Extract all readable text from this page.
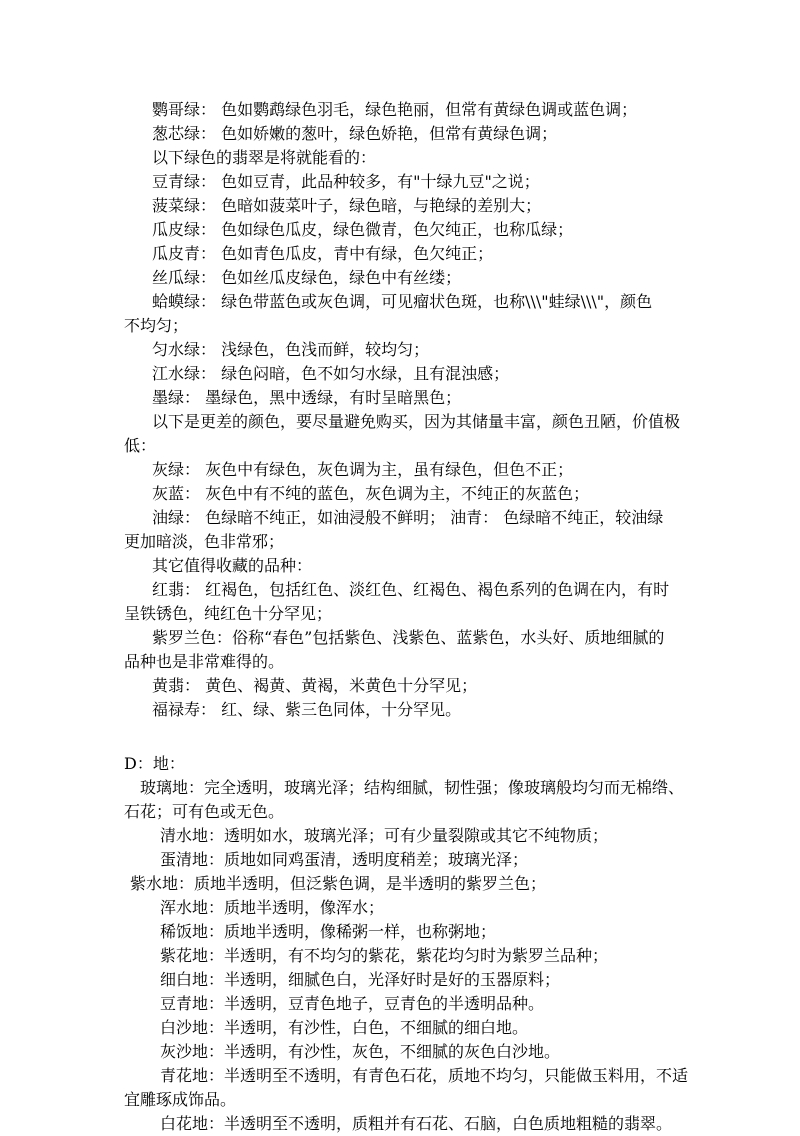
鹦哥绿： 色如鹦鹉绿色羽毛，绿色艳丽，但常有黄绿色调或蓝色调；
葱芯绿： 色如娇嫩的葱叶，绿色娇艳，但常有黄绿色调；
以下绿色的翡翠是将就能看的：
豆青绿： 色如豆青，此品种较多，有"十绿九豆"之说；
菠菜绿： 色暗如菠菜叶子，绿色暗，与艳绿的差别大；
瓜皮绿： 色如绿色瓜皮，绿色微青，色欠纯正，也称瓜绿；
瓜皮青： 色如青色瓜皮，青中有绿，色欠纯正；
丝瓜绿： 色如丝瓜皮绿色，绿色中有丝缕；
蛤蟆绿： 绿色带蓝色或灰色调，可见瘤状色斑，也称\\\"蛙绿\\\"，颜色
不均匀；
匀水绿： 浅绿色，色浅而鲜，较均匀；
江水绿： 绿色闷暗，色不如匀水绿，且有混浊感；
墨绿： 墨绿色，黑中透绿，有时呈暗黑色；
以下是更差的颜色，要尽量避免购买，因为其储量丰富，颜色丑陋，价值极
低：
灰绿： 灰色中有绿色，灰色调为主，虽有绿色，但色不正；
灰蓝： 灰色中有不纯的蓝色，灰色调为主，不纯正的灰蓝色；
油绿： 色绿暗不纯正，如油浸般不鲜明； 油青： 色绿暗不纯正，较油绿
更加暗淡，色非常邪；
其它值得收藏的品种：
红翡： 红褐色，包括红色、淡红色、红褐色、褐色系列的色调在内，有时
呈铁锈色，纯红色十分罕见；
紫罗兰色：俗称“春色”包括紫色、浅紫色、蓝紫色，水头好、质地细腻的
品种也是非常难得的。
黄翡： 黄色、褐黄、黄褐，米黄色十分罕见；
福禄寿： 红、绿、紫三色同体，十分罕见。
D：地：
玻璃地：完全透明，玻璃光泽；结构细腻，韧性强；像玻璃般均匀而无棉绺、
石花；可有色或无色。
清水地：透明如水，玻璃光泽；可有少量裂隙或其它不纯物质；
蛋清地：质地如同鸡蛋清，透明度稍差；玻璃光泽；
紫水地：质地半透明，但泛紫色调，是半透明的紫罗兰色；
浑水地：质地半透明，像浑水；
稀饭地：质地半透明，像稀粥一样，也称粥地；
紫花地：半透明，有不均匀的紫花，紫花均匀时为紫罗兰品种；
细白地：半透明，细腻色白，光泽好时是好的玉器原料；
豆青地：半透明，豆青色地子，豆青色的半透明品种。
白沙地：半透明，有沙性，白色，不细腻的细白地。
灰沙地：半透明，有沙性，灰色，不细腻的灰色白沙地。
青花地：半透明至不透明，有青色石花，质地不均匀，只能做玉料用，不适
宜雕琢成饰品。
白花地：半透明至不透明，质粗并有石花、石脑，白色质地粗糙的翡翠。
